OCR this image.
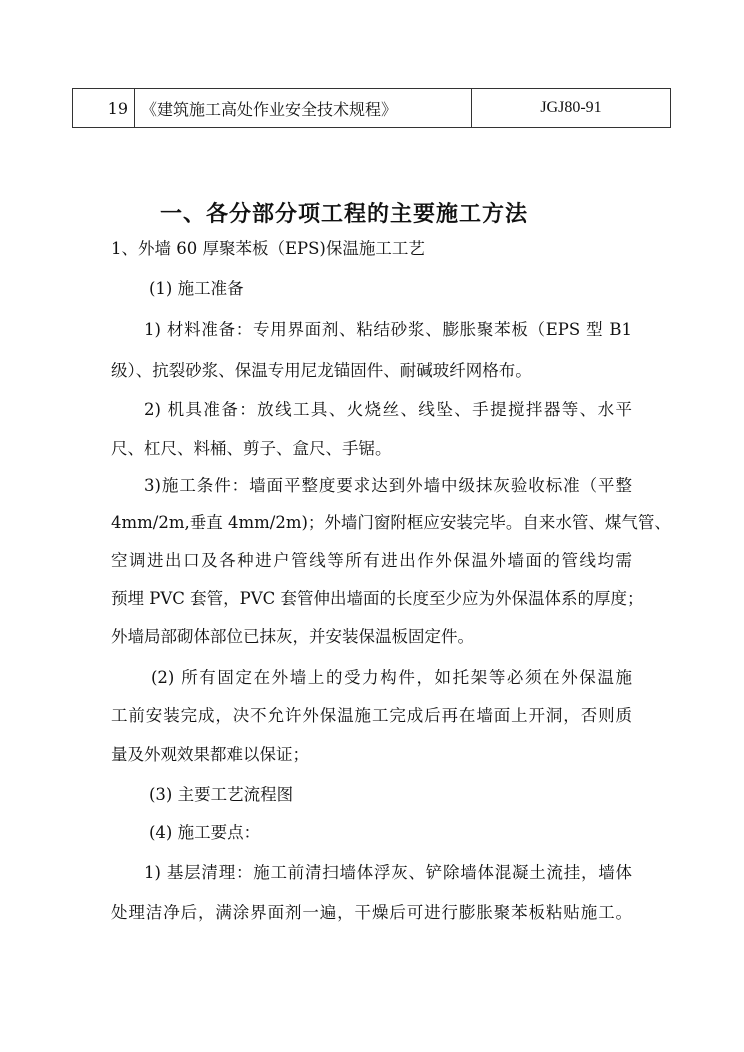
19	《建筑施工高处作业安全技术规程》	JGJ80-91
一、各分部分项工程的主要施工方法
1、外墙 60 厚聚苯板（EPS)保温施工工艺
(1) 施工准备
1) 材料准备：专用界面剂、粘结砂浆、膨胀聚苯板（EPS 型 B1
级）、抗裂砂浆、保温专用尼龙锚固件、耐碱玻纤网格布。
2) 机具准备：放线工具、火烧丝、线坠、手提搅拌器等、水平
尺、杠尺、料桶、剪子、盒尺、手锯。
3)施工条件：墙面平整度要求达到外墙中级抹灰验收标准（平整
4mm/2m,垂直 4mm/2m)；外墙门窗附框应安装完毕。自来水管、煤气管、
空调进出口及各种进户管线等所有进出作外保温外墙面的管线均需
预埋 PVC 套管，PVC 套管伸出墙面的长度至少应为外保温体系的厚度；
外墙局部砌体部位已抹灰，并安装保温板固定件。
(2) 所有固定在外墙上的受力构件，如托架等必须在外保温施
工前安装完成，决不允许外保温施工完成后再在墙面上开洞，否则质
量及外观效果都难以保证；
(3) 主要工艺流程图
(4) 施工要点：
1) 基层清理：施工前清扫墙体浮灰、铲除墙体混凝土流挂，墙体
处理洁净后，满涂界面剂一遍，干燥后可进行膨胀聚苯板粘贴施工。
